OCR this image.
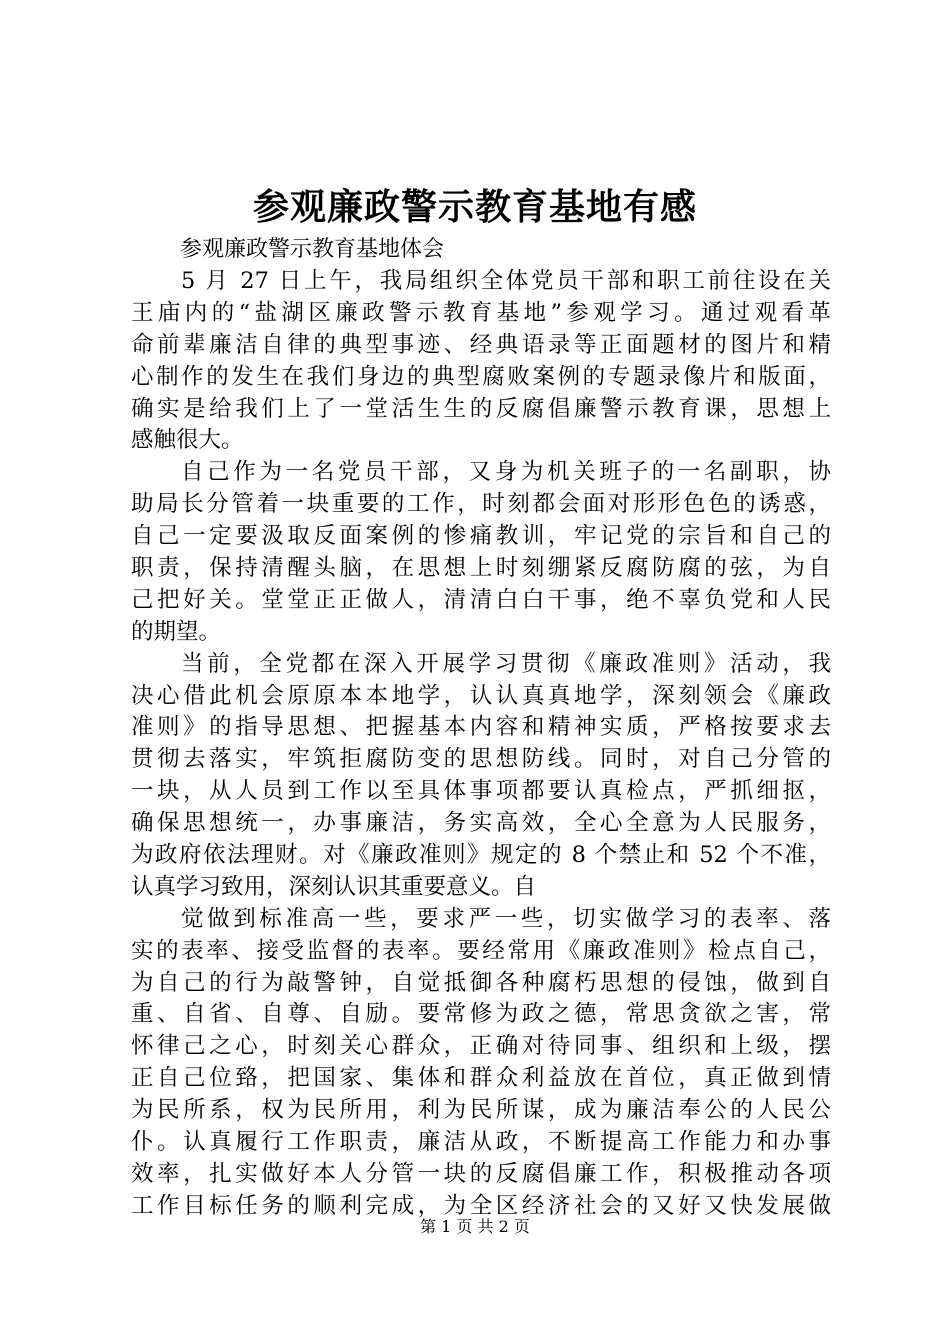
参观廉政警示教育基地有感

参观廉政警示教育基地体会

5 月 27 日上午，我局组织全体党员干部和职工前往设在关
王庙内的“盐湖区廉政警示教育基地”参观学习。通过观看革
命前辈廉洁自律的典型事迹、经典语录等正面题材的图片和精
心制作的发生在我们身边的典型腐败案例的专题录像片和版面，
确实是给我们上了一堂活生生的反腐倡廉警示教育课，思想上
感触很大。
自己作为一名党员干部，又身为机关班子的一名副职，协
助局长分管着一块重要的工作，时刻都会面对形形色色的诱惑，
自己一定要汲取反面案例的惨痛教训，牢记党的宗旨和自己的
职责，保持清醒头脑，在思想上时刻绷紧反腐防腐的弦，为自
己把好关。堂堂正正做人，清清白白干事，绝不辜负党和人民
的期望。
当前，全党都在深入开展学习贯彻《廉政准则》活动，我
决心借此机会原原本本地学，认认真真地学，深刻领会《廉政
准则》的指导思想、把握基本内容和精神实质，严格按要求去
贯彻去落实，牢筑拒腐防变的思想防线。同时，对自己分管的
一块，从人员到工作以至具体事项都要认真检点，严抓细抠，
确保思想统一，办事廉洁，务实高效，全心全意为人民服务，
为政府依法理财。对《廉政准则》规定的 8 个禁止和 52 个不准，
认真学习致用，深刻认识其重要意义。自
觉做到标准高一些，要求严一些，切实做学习的表率、落
实的表率、接受监督的表率。要经常用《廉政准则》检点自己，
为自己的行为敲警钟，自觉抵御各种腐朽思想的侵蚀，做到自
重、自省、自尊、自励。要常修为政之德，常思贪欲之害，常
怀律己之心，时刻关心群众，正确对待同事、组织和上级，摆
正自己位臵，把国家、集体和群众利益放在首位，真正做到情
为民所系，权为民所用，利为民所谋，成为廉洁奉公的人民公
仆。认真履行工作职责，廉洁从政，不断提高工作能力和办事
效率，扎实做好本人分管一块的反腐倡廉工作，积极推动各项
工作目标任务的顺利完成，为全区经济社会的又好又快发展做

第 1 页 共 2 页
